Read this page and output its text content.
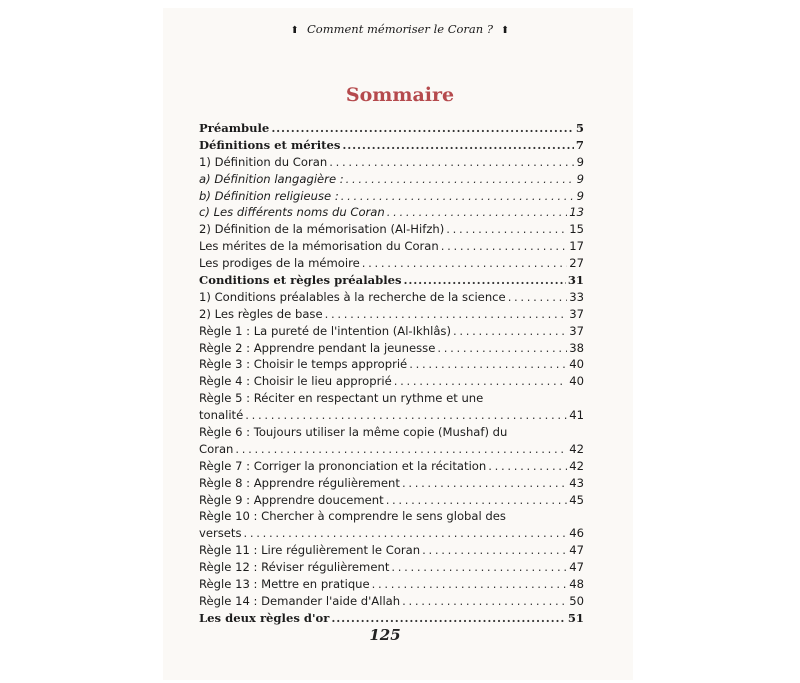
⬆ Comment mémoriser le Coran ? ⬆
Sommaire
Préambule . . .	5
Définitions et mérites . . .	7
1) Définition du Coran . . .	9
a) Définition langagière : . . .	9
b) Définition religieuse : . . .	9
c) Les différents noms du Coran . . .	13
2) Définition de la mémorisation (Al-Hifzh) . . .	15
Les mérites de la mémorisation du Coran . . .	17
Les prodiges de la mémoire . . .	27
Conditions et règles préalables . . .	31
1) Conditions préalables à la recherche de la science . . .	33
2) Les règles de base . . .	37
Règle 1 : La pureté de l'intention (Al-Ikhlâs) . . .	37
Règle 2 : Apprendre pendant la jeunesse . . .	38
Règle 3 : Choisir le temps approprié . . .	40
Règle 4 : Choisir le lieu approprié . . .	40
Règle 5 : Réciter en respectant un rythme et une
tonalité . . .	41
Règle 6 : Toujours utiliser la même copie (Mushaf) du
Coran . . .	42
Règle 7 : Corriger la prononciation et la récitation . . .	42
Règle 8 : Apprendre régulièrement . . .	43
Règle 9 : Apprendre doucement . . .	45
Règle 10 : Chercher à comprendre le sens global des
versets . . .	46
Règle 11 : Lire régulièrement le Coran . . .	47
Règle 12 : Réviser régulièrement . . .	47
Règle 13 : Mettre en pratique . . .	48
Règle 14 : Demander l'aide d'Allah . . .	50
Les deux règles d'or . . .	51
125
